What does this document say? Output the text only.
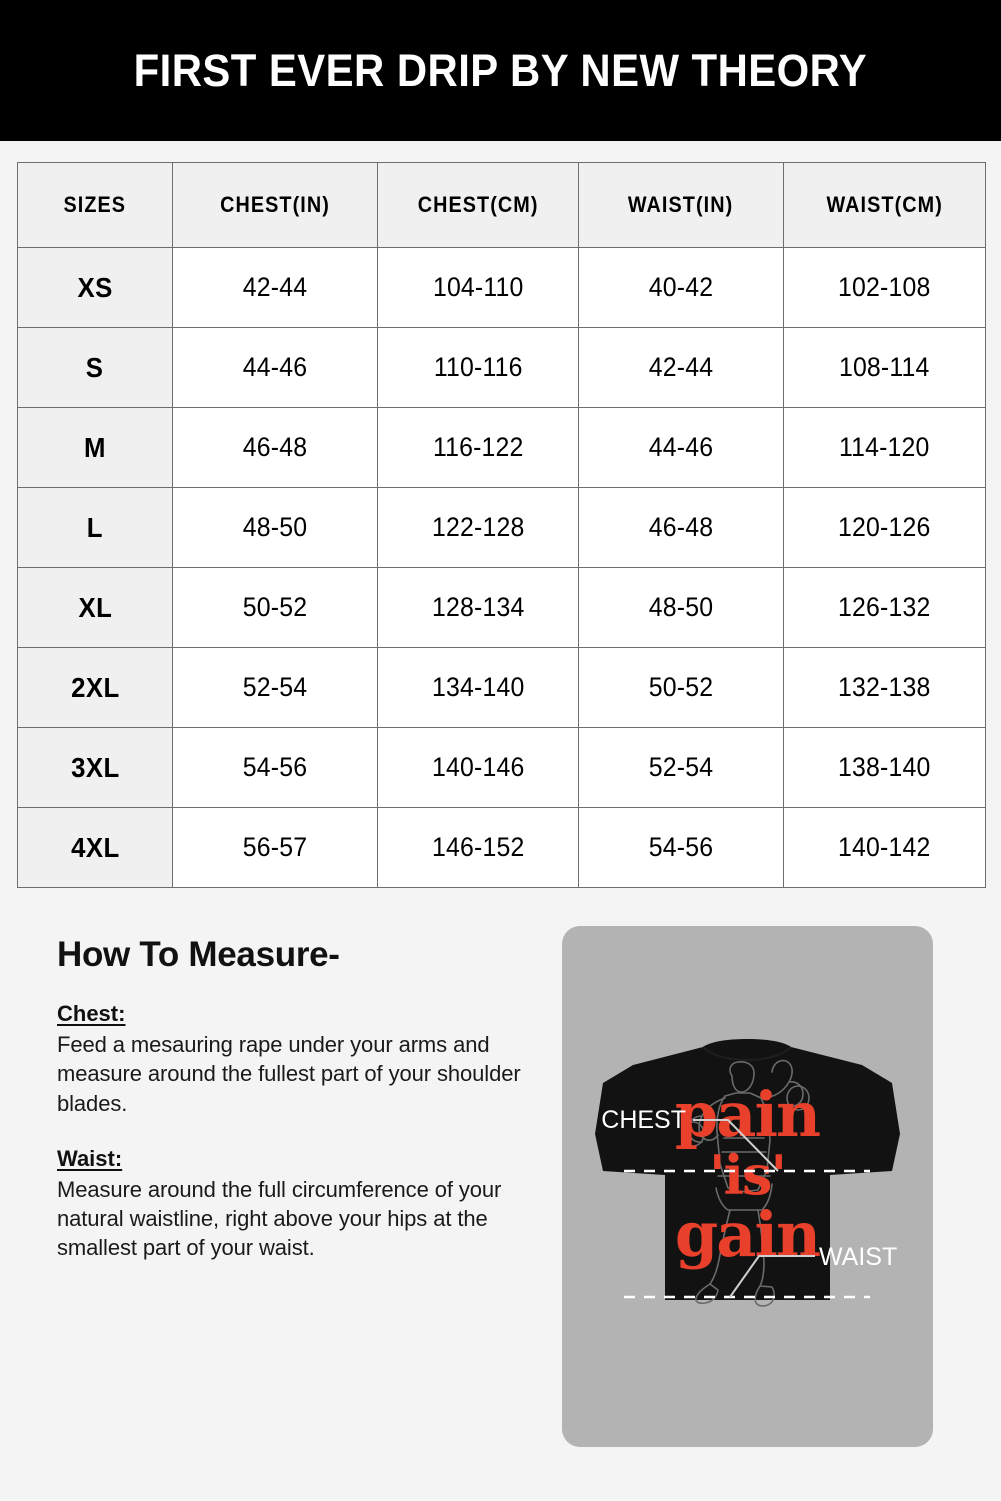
FIRST EVER DRIP BY NEW THEORY
SIZES	CHEST(IN)	CHEST(CM)	WAIST(IN)	WAIST(CM)
XS	42-44	104-110	40-42	102-108
S	44-46	110-116	42-44	108-114
M	46-48	116-122	44-46	114-120
L	48-50	122-128	46-48	120-126
XL	50-52	128-134	48-50	126-132
2XL	52-54	134-140	50-52	132-138
3XL	54-56	140-146	52-54	138-140
4XL	56-57	146-152	54-56	140-142
How To Measure-
Chest:
Feed a mesauring rape under your arms and measure around the fullest part of your shoulder blades.
Waist:
Measure around the full circumference of your natural waistline, right above your hips at the smallest part of your waist.
pain
'is'
gain
CHEST
WAIST
